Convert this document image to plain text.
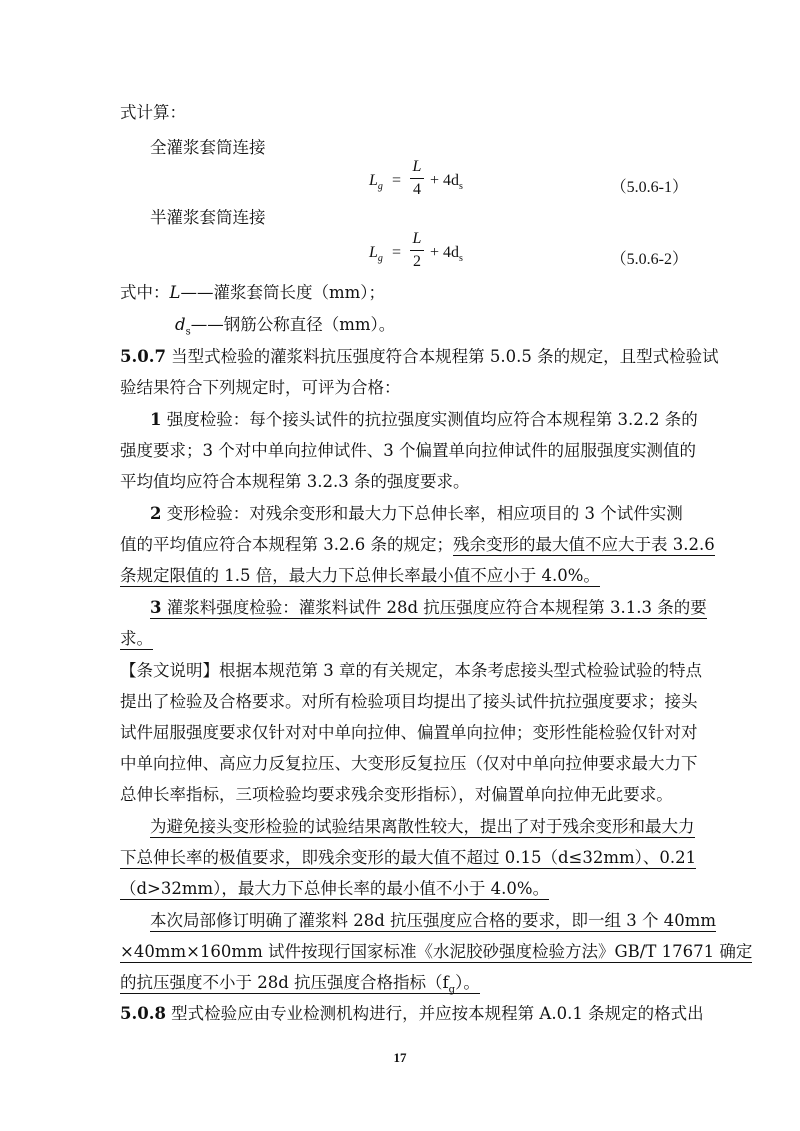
式计算：
全灌浆套筒连接
$L_g$ =
L
4
+ $4d_s$	（5.0.6-1）
半灌浆套筒连接
$L_g$ =
L
2
+ $4d_s$	（5.0.6-2）
式中：L——灌浆套筒长度（mm）；
$d_s——$钢筋公称直径（mm）。
5.0.7 当型式检验的灌浆料抗压强度符合本规程第 5.0.5 条的规定，且型式检验试
验结果符合下列规定时，可评为合格：
1 强度检验：每个接头试件的抗拉强度实测值均应符合本规程第 3.2.2 条的
强度要求；3 个对中单向拉伸试件、3 个偏置单向拉伸试件的屈服强度实测值的
平均值均应符合本规程第 3.2.3 条的强度要求。
2 变形检验：对残余变形和最大力下总伸长率，相应项目的 3 个试件实测
值的平均值应符合本规程第 3.2.6 条的规定；残余变形的最大值不应大于表 3.2.6
条规定限值的 1.5 倍，最大力下总伸长率最小值不应小于 4.0%。
3 灌浆料强度检验：灌浆料试件 28d 抗压强度应符合本规程第 3.1.3 条的要
求。
【条文说明】根据本规范第 3 章的有关规定，本条考虑接头型式检验试验的特点
提出了检验及合格要求。对所有检验项目均提出了接头试件抗拉强度要求；接头
试件屈服强度要求仅针对对中单向拉伸、偏置单向拉伸；变形性能检验仅针对对
中单向拉伸、高应力反复拉压、大变形反复拉压（仅对中单向拉伸要求最大力下
总伸长率指标，三项检验均要求残余变形指标），对偏置单向拉伸无此要求。
为避免接头变形检验的试验结果离散性较大，提出了对于残余变形和最大力
下总伸长率的极值要求，即残余变形的最大值不超过 0.15（d≤32mm）、0.21
（d>32mm），最大力下总伸长率的最小值不小于 4.0%。
本次局部修订明确了灌浆料 28d 抗压强度应合格的要求，即一组 3 个 40mm
×40mm×160mm 试件按现行国家标准《水泥胶砂强度检验方法》GB/T 17671 确定
的抗压强度不小于 28d 抗压强度合格指标$(f_g)$。
5.0.8 型式检验应由专业检测机构进行，并应按本规程第 A.0.1 条规定的格式出
17
